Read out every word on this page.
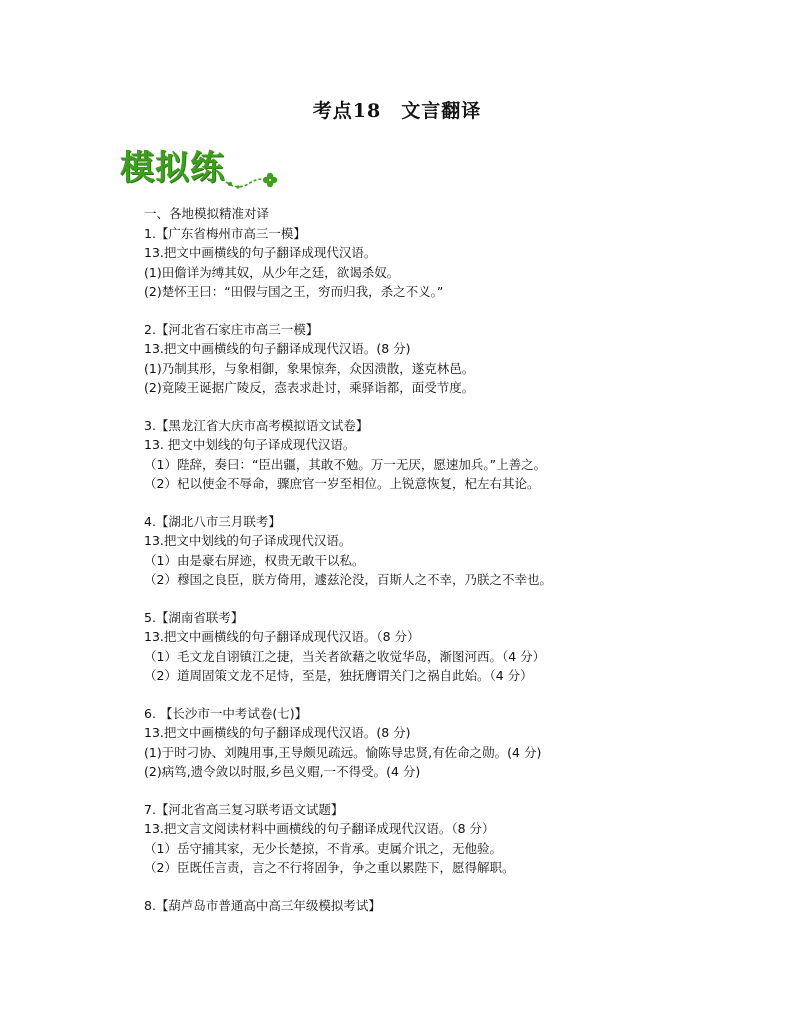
考点18　文言翻译
模拟练
一、各地模拟精准对译
1.【广东省梅州市高三一模】
13.把文中画横线的句子翻译成现代汉语。
(1)田儋详为缚其奴，从少年之廷，欲谒杀奴。
(2)楚怀王曰：“田假与国之王，穷而归我，杀之不义。”
2.【河北省石家庄市高三一模】
13.把文中画横线的句子翻译成现代汉语。(8 分)
(1)乃制其形，与象相御，象果惊奔，众因溃散，遂克林邑。
(2)竟陵王诞据广陵反，悫表求赴讨，乘驿诣都，面受节度。
3.【黑龙江省大庆市高考模拟语文试卷】
13. 把文中划线的句子译成现代汉语。
（1）陛辞，奏曰：“臣出疆，其敢不勉。万一无厌，愿速加兵。”上善之。
（2）杞以使金不辱命，骤庶官一岁至相位。上锐意恢复，杞左右其论。
4.【湖北八市三月联考】
13.把文中划线的句子译成现代汉语。
（1）由是豪右屏迹，权贵无敢干以私。
（2）穆国之良臣，朕方倚用，遽兹沦没，百斯人之不幸，乃朕之不幸也。
5.【湖南省联考】
13.把文中画横线的句子翻译成现代汉语。（8 分）
（1）毛文龙自诩镇江之捷，当关者欲藉之收觉华岛，渐图河西。（4 分）
（2）道周固策文龙不足恃，至是，独抚膺谓关门之祸自此始。（4 分）
6. 【长沙市一中考试卷(七)】
13.把文中画横线的句子翻译成现代汉语。(8 分)
(1)于时刁协、刘隗用事,王导颇见疏远。愉陈导忠贤,有佐命之勋。(4 分)
(2)病笃,遗令敛以时服,乡邑义赗,一不得受。(4 分)
7.【河北省高三复习联考语文试题】
13.把文言文阅读材料中画横线的句子翻译成现代汉语。（8 分）
（1）岳守捕其家，无少长楚掠，不肯承。吏属介讯之，无他验。
（2）臣既任言责，言之不行将固争，争之重以累陛下，愿得解职。
8.【葫芦岛市普通高中高三年级模拟考试】
